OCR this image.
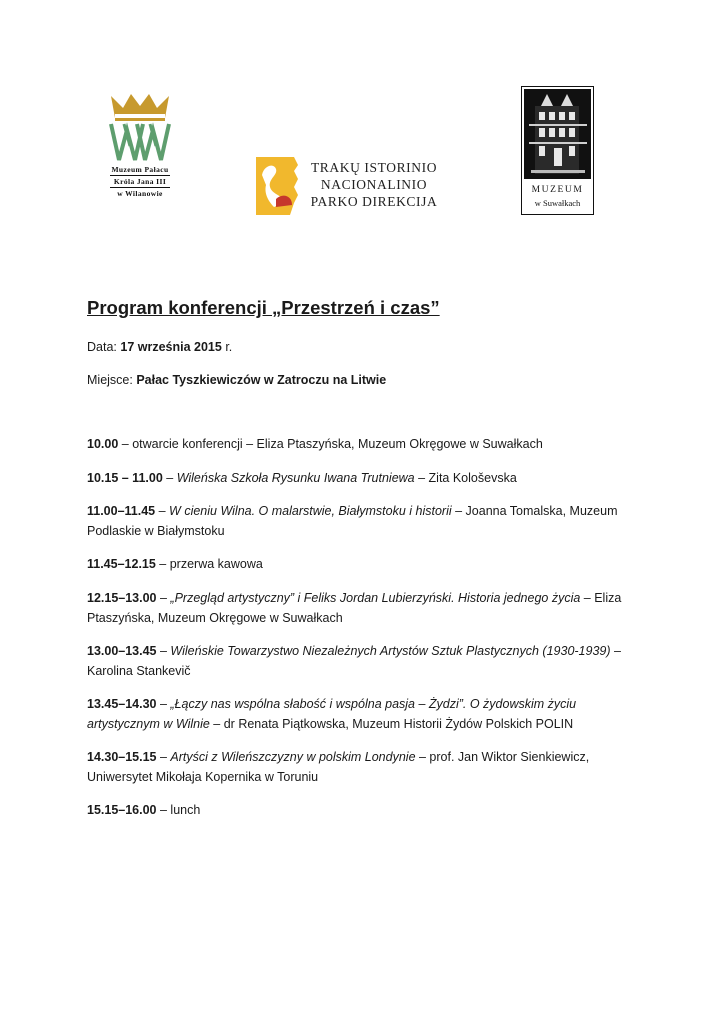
Muzeum Pałacu
Króla Jana III
w Wilanowie
TRAKŲ ISTORINIO
NACIONALINIO
PARKO DIREKCIJA
MUZEUM
w Suwałkach
Program konferencji „Przestrzeń i czas”
Data: 17 września 2015 r.
Miejsce: Pałac Tyszkiewiczów w Zatroczu na Litwie
10.00 – otwarcie konferencji – Eliza Ptaszyńska, Muzeum Okręgowe w Suwałkach
10.15 – 11.00 – Wileńska Szkoła Rysunku Iwana Trutniewa – Zita Kološevska
11.00–11.45 – W cieniu Wilna. O malarstwie, Białymstoku i historii – Joanna Tomalska, Muzeum Podlaskie w Białymstoku
11.45–12.15 – przerwa kawowa
12.15–13.00 – „Przegląd artystyczny” i Feliks Jordan Lubierzyński. Historia jednego życia – Eliza Ptaszyńska, Muzeum Okręgowe w Suwałkach
13.00–13.45 – Wileńskie Towarzystwo Niezależnych Artystów Sztuk Plastycznych (1930-1939) – Karolina Stankevič
13.45–14.30 – „Łączy nas wspólna słabość i wspólna pasja – Żydzi”. O żydowskim życiu artystycznym w Wilnie – dr Renata Piątkowska, Muzeum Historii Żydów Polskich POLIN
14.30–15.15 – Artyści z Wileńszczyzny w polskim Londynie – prof. Jan Wiktor Sienkiewicz, Uniwersytet Mikołaja Kopernika w Toruniu
15.15–16.00 – lunch
